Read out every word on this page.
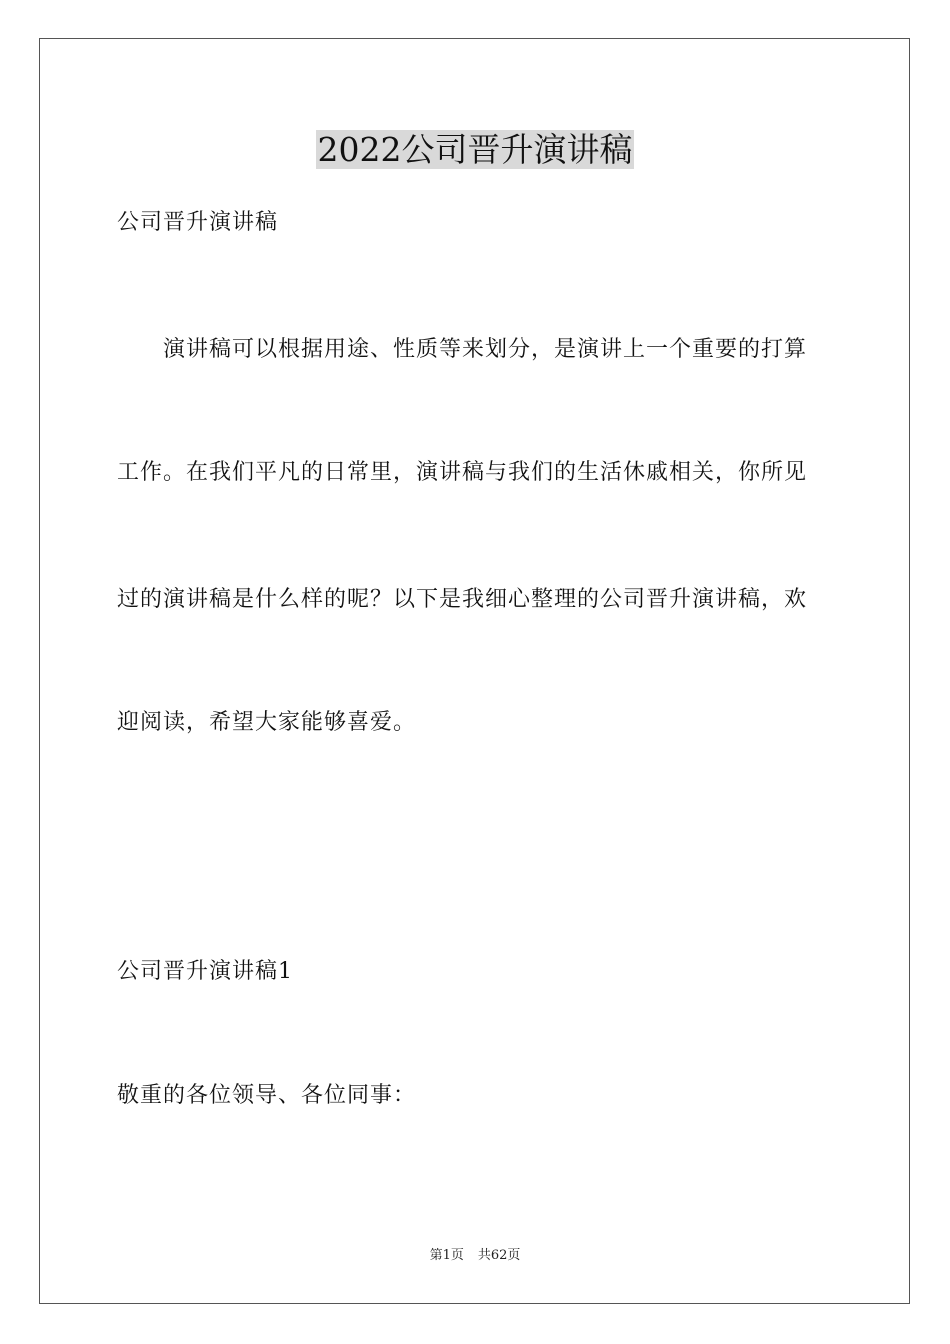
2022公司晋升演讲稿
公司晋升演讲稿
演讲稿可以根据用途、性质等来划分，是演讲上一个重要的打算
工作。在我们平凡的日常里，演讲稿与我们的生活休戚相关，你所见
过的演讲稿是什么样的呢？以下是我细心整理的公司晋升演讲稿，欢
迎阅读，希望大家能够喜爱。
公司晋升演讲稿1
敬重的各位领导、各位同事：
第1页 共62页
